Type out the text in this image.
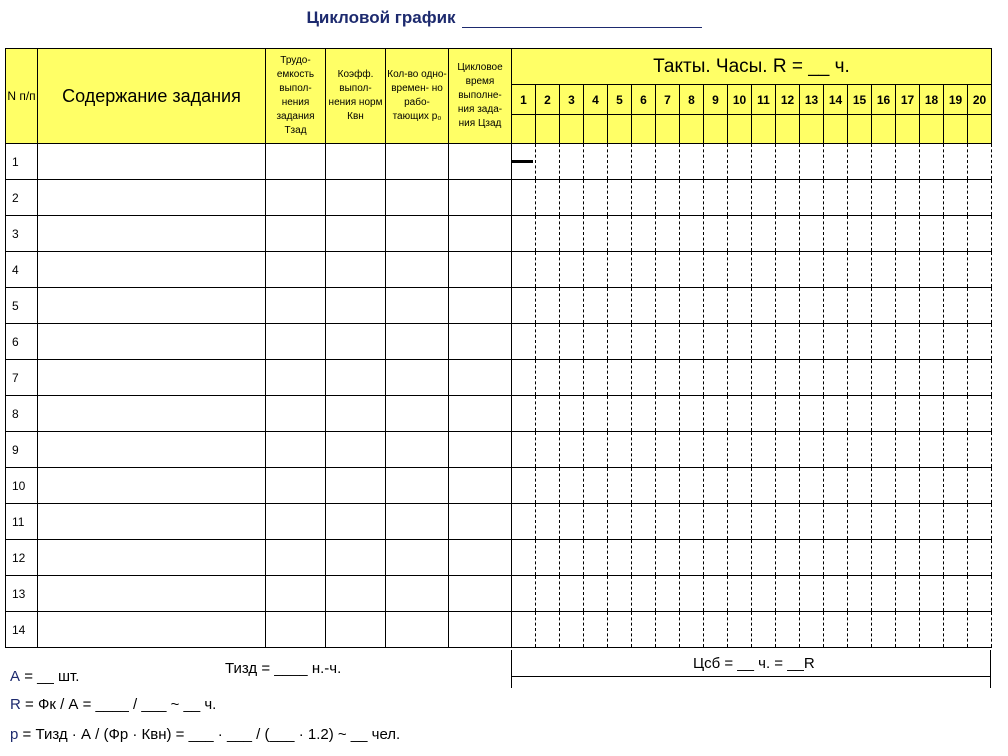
Цикловой график
N п/п	Содержание задания	Трудо- емкость выпол- нения задания Тзад	Коэфф. выпол- нения норм Квн	Кол-во одно- времен- но рабо- тающих р₀	Цикловое время выполне- ния зада- ния Цзад	Такты. Часы. R = __ ч.																			
						1	2	3	4	5	6	7	8	9	10	11	12	13	14	15	16	17	18	19	20

1																									
2																									
3																									
4																									
5																									
6																									
7																									
8																									
9																									
10																									
11																									
12																									
13																									
14																									
А = __ шт.	Тизд = ____ н.-ч.
R = Фк / А = ____ / ___ ~ __ ч.
р = Тизд · А / (Фр · Квн) = ___ · ___ / (___ · 1.2) ~ __ чел.
Цсб = __ ч. = __R
